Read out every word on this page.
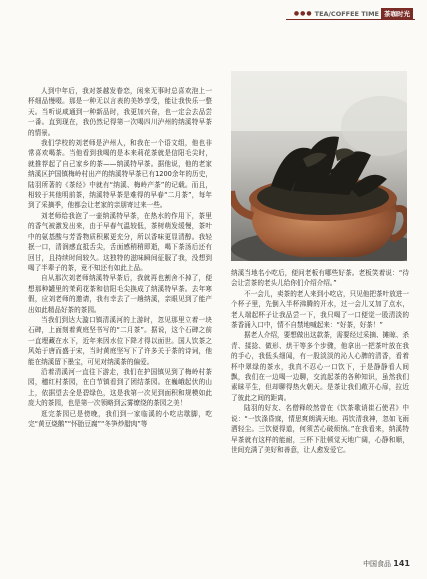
●●● TEA/COFFEE TIME 茶咖时光

人到中年后，我对茶越发眷恋，闲来无事时总喜欢泡上一杯细品慢啜。那是一种无以言表的美妙享受，能让我快乐一整天。当听说咸通到一种新品时，我更加兴奋，也一定会去品尝一番。直到现在，我仍然记得第一次喝四川泸州的纳溪特早茶的情景。

我们学校的刘老师是泸州人，和我在一个语文组，他也非常喜欢喝茶。当他看到我喝的是本来莉花茶就是信阳毛尖时，就推荐起了自己家乡的茶——纳溪特早茶。据他说，他的老家纳溪区护国镇梅岭村出产的纳溪特早茶已有1200余年的历史，陆羽所著的《茶经》中就有“纳溪、梅岭产茶”的记载。而且，相较于其他明前茶，纳溪特早茶是难得的早春“二月茶”，每年到了采摘季，他都会让老家的亲朋寄过来一些。

刘老师给我泡了一壶纳溪特早茶，在热水的作用下，茶里的香气被激发出来，由于早春气温较低，茶树萌发缓慢，茶叶中的氨基酸与芳香物质积累更充分，所以香味更显清醇。我轻抿一口，清润感直抵舌尖，舌面感稍稍即逝，喝下茶汤后还有回甘，且持续时间较久。这独特的滋味瞬间征服了我，没想到喝了半辈子的茶，竟不知还有如此上品。

自从那次刘老师纳溪特早茶后，我就再也割舍不掉了，便想那种罐里的茉莉花茶和信阳毛尖换成了纳溪特早茶。去年寒假，应刘老师的邀请，我有幸去了一趟纳溪，亲眼见到了能产出如此精品好茶的茶园。

当我们到达大漩口镇清溪河的上游时，忽见那里立着一块石碑，上面刻着黄庭坚书写的“二月茶”。据说，这个石碑之前一直埋藏在水下，近年来因水位下降才得以面世。国人饮茶之风始于唐而盛于宋，当时黄庭坚写下了许多关于茶的诗词，他能在纳溪留下墨宝，可见对纳溪茶的偏爱。

沿着清溪河一直往下游走，我们在护国镇见到了梅岭村茶园，穗红村茶园，在白节镇看到了团结茶园。在巍峨起伏的山上，依据望去全是碧绿色，这是我第一次见到面积和规模如此庞大的茶园，也是第一次领略到云雾缭绕的茶园之美！

逛完茶园已是傍晚，我们到一家临溪的小吃店歇脚，吃完“黄豆烧鹅”“怀胎豆腐”“冬笋炒腊肉”等

纳溪当地名小吃后，便问老板有哪些好茶。老板笑着说：“待会让尝茶的老头儿给你们介绍介绍。”

不一会儿，卖茶的老人来到小吃店，只见他把茶叶放进一个杯子里，先倒入半杯沸腾的开水，过一会儿又加了点水，老人端起杯子让我品尝一下，我只喝了一口便觉一股清淡的茶香涌入口中，情不自禁地喊起来：“好茶，好茶！”

据老人介绍，要想做出这款茶，需要经过采摘、摊晾、杀青、揉捻、做形、烘干等多个步骤，他拿出一把茶叶放在我的手心，我低头细闻，有一股淡淡的沁人心脾的清香，看着杯中翠绿的茶水，我真不忍心一口饮下，于是静静看人间飘，我们在一边喝一边聊，交流起茶的各种知识，虽然我们素昧平生，但却聊得热火朝天。是茶让我们敞开心扉，拉近了彼此之间的距离。

陆羽的好友、名僧释皎然曾在《饮茶歌诮崔石使君》中说：“一饮涤昏寐，情思爽朗满天地。再饮清我神，忽如飞雨洒轻尘。三饮便得道，何须苦心破烦恼。”在我看来，纳溪特早茶就有这样的能耐，三杯下肚顿觉天地广阔，心静和顺，世间充满了美好和善意，让人愈发爱它。

中国食品 141
